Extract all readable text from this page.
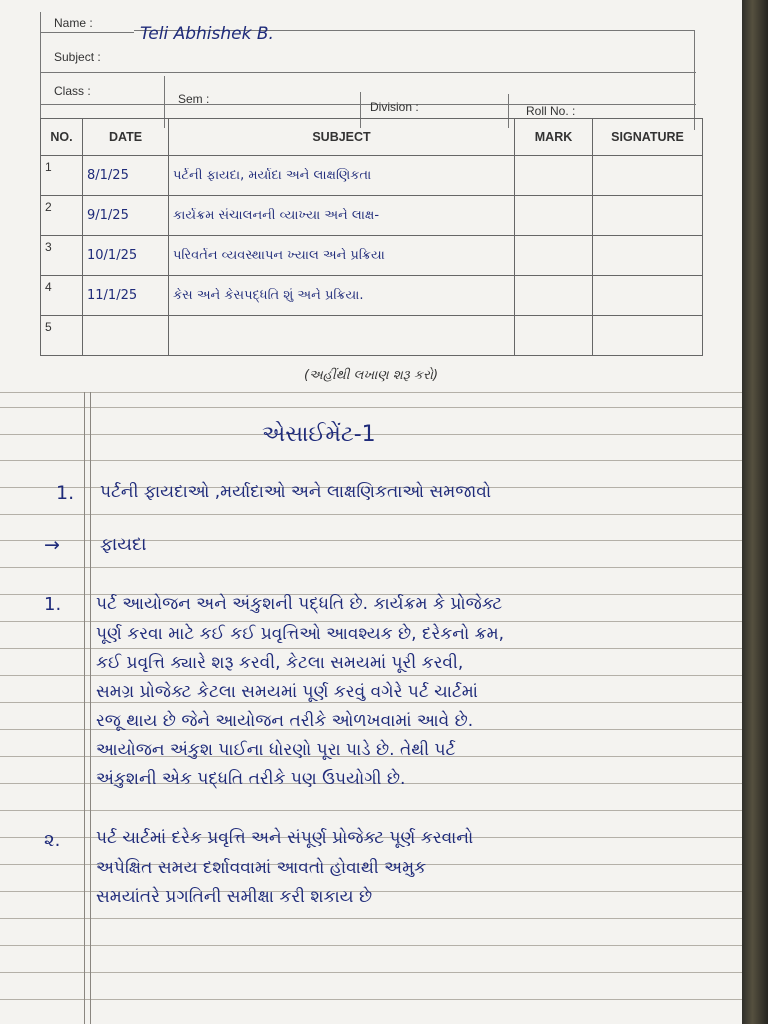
Name :
Teli Abhishek B.
Subject :
Class :
Sem :
Division :	Roll No. :
NO.	DATE	SUBJECT	MARK	SIGNATURE
1	8/1/25	પર્ટની ફાયદા, મર્યાદા અને લાક્ષણિકતા		

2	9/1/25	કાર્યક્રમ સંચાલનની વ્યાખ્યા અને લાક્ષ-		

3	10/1/25	પરિવર્તન વ્યવસ્થાપન ખ્યાલ અને પ્રક્રિયા		

4	11/1/25	કેસ અને કેસપદ્ધતિ શું અને પ્રક્રિયા.		

5	

(અહીંથી લખાણ શરૂ કરો)
એસાઈમેંટ-1
1. પર્ટની ફાયદાઓ ,મર્યાદાઓ અને લાક્ષણિકતાઓ સમજાવો
→ ફાયદા
1. પર્ટ આયોજન અને અંકુશની પદ્ધતિ છે. કાર્યક્રમ કે પ્રોજેક્ટ
પૂર્ણ કરવા માટે કઈ કઈ પ્રવૃત્તિઓ આવશ્યક છે, દરેકનો ક્રમ,
કઈ પ્રવૃત્તિ ક્યારે શરૂ કરવી, કેટલા સમયમાં પૂરી કરવી,
સમગ્ર પ્રોજેક્ટ કેટલા સમયમાં પૂર્ણ કરવું વગેરે પર્ટ ચાર્ટમાં
રજૂ થાય છે જેને આયોજન તરીકે ઓળખવામાં આવે છે.
આયોજન અંકુશ પાઈના ધોરણો પૂરા પાડે છે. તેથી પર્ટ
અંકુશની એક પદ્ધતિ તરીકે પણ ઉપયોગી છે.
૨. પર્ટ ચાર્ટમાં દરેક પ્રવૃત્તિ અને સંપૂર્ણ પ્રોજેક્ટ પૂર્ણ કરવાનો
અપેક્ષિત સમય દર્શાવવામાં આવતો હોવાથી અમુક
સમયાંતરે પ્રગતિની સમીક્ષા કરી શકાય છે
